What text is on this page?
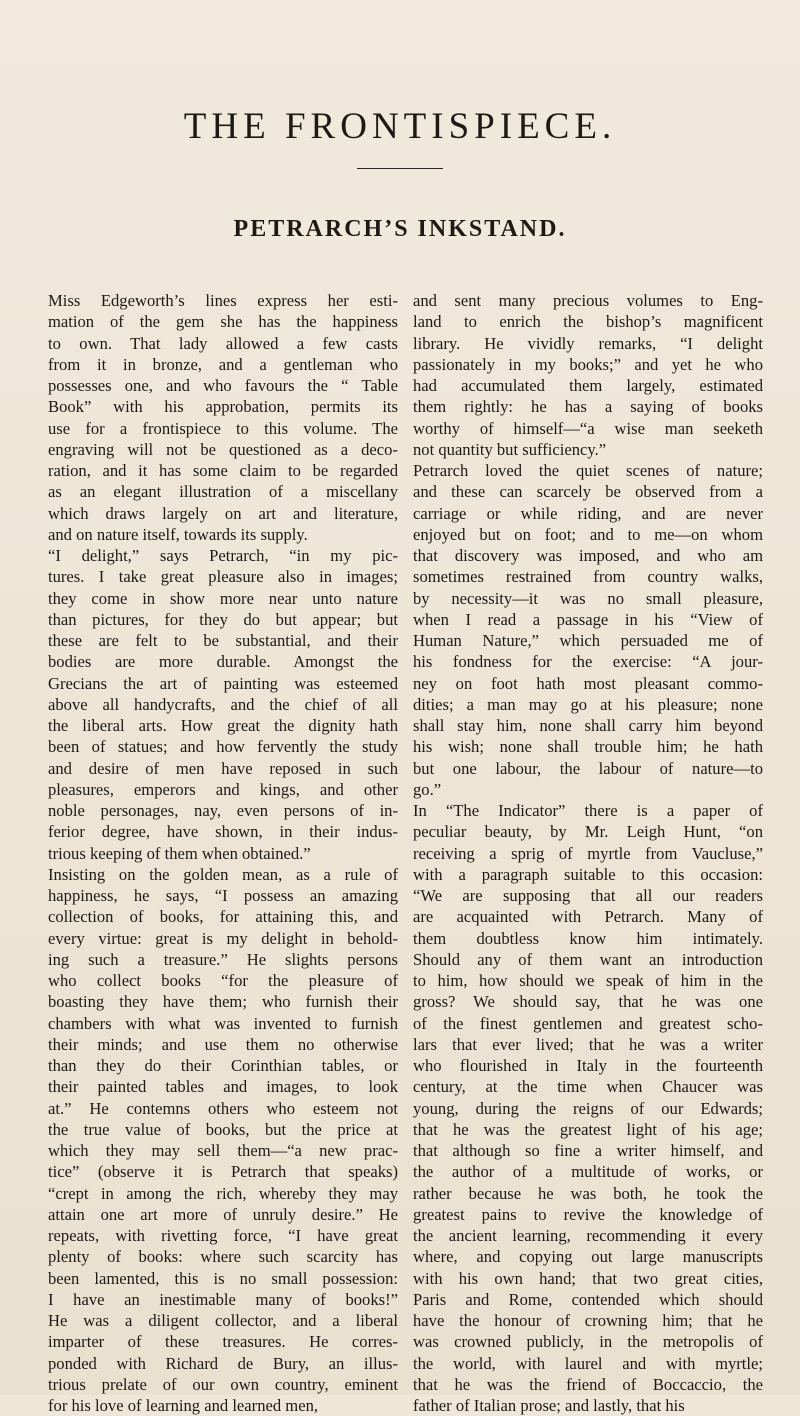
THE FRONTISPIECE.
PETRARCH’S INKSTAND.
Miss Edgeworth’s lines express her esti-
mation of the gem she has the happiness
to own. That lady allowed a few casts
from it in bronze, and a gentleman who
possesses one, and who favours the “ Table
Book” with his approbation, permits its
use for a frontispiece to this volume. The
engraving will not be questioned as a deco-
ration, and it has some claim to be regarded
as an elegant illustration of a miscellany
which draws largely on art and literature,
and on nature itself, towards its supply.
“I delight,” says Petrarch, “in my pic-
tures. I take great pleasure also in images;
they come in show more near unto nature
than pictures, for they do but appear; but
these are felt to be substantial, and their
bodies are more durable. Amongst the
Grecians the art of painting was esteemed
above all handycrafts, and the chief of all
the liberal arts. How great the dignity hath
been of statues; and how fervently the study
and desire of men have reposed in such
pleasures, emperors and kings, and other
noble personages, nay, even persons of in-
ferior degree, have shown, in their indus-
trious keeping of them when obtained.”
Insisting on the golden mean, as a rule of
happiness, he says, “I possess an amazing
collection of books, for attaining this, and
every virtue: great is my delight in behold-
ing such a treasure.” He slights persons
who collect books “for the pleasure of
boasting they have them; who furnish their
chambers with what was invented to furnish
their minds; and use them no otherwise
than they do their Corinthian tables, or
their painted tables and images, to look
at.” He contemns others who esteem not
the true value of books, but the price at
which they may sell them—“a new prac-
tice” (observe it is Petrarch that speaks)
“crept in among the rich, whereby they may
attain one art more of unruly desire.” He
repeats, with rivetting force, “I have great
plenty of books: where such scarcity has
been lamented, this is no small possession:
I have an inestimable many of books!”
He was a diligent collector, and a liberal
imparter of these treasures. He corres-
ponded with Richard de Bury, an illus-
trious prelate of our own country, eminent
for his love of learning and learned men,
and sent many precious volumes to Eng-
land to enrich the bishop’s magnificent
library. He vividly remarks, “I delight
passionately in my books;” and yet he who
had accumulated them largely, estimated
them rightly: he has a saying of books
worthy of himself—“a wise man seeketh
not quantity but sufficiency.”
Petrarch loved the quiet scenes of nature;
and these can scarcely be observed from a
carriage or while riding, and are never
enjoyed but on foot; and to me—on whom
that discovery was imposed, and who am
sometimes restrained from country walks,
by necessity—it was no small pleasure,
when I read a passage in his “View of
Human Nature,” which persuaded me of
his fondness for the exercise: “A jour-
ney on foot hath most pleasant commo-
dities; a man may go at his pleasure; none
shall stay him, none shall carry him beyond
his wish; none shall trouble him; he hath
but one labour, the labour of nature—to
go.”
In “The Indicator” there is a paper of
peculiar beauty, by Mr. Leigh Hunt, “on
receiving a sprig of myrtle from Vaucluse,”
with a paragraph suitable to this occasion:
“We are supposing that all our readers
are acquainted with Petrarch. Many of
them doubtless know him intimately.
Should any of them want an introduction
to him, how should we speak of him in the
gross? We should say, that he was one
of the finest gentlemen and greatest scho-
lars that ever lived; that he was a writer
who flourished in Italy in the fourteenth
century, at the time when Chaucer was
young, during the reigns of our Edwards;
that he was the greatest light of his age;
that although so fine a writer himself, and
the author of a multitude of works, or
rather because he was both, he took the
greatest pains to revive the knowledge of
the ancient learning, recommending it every
where, and copying out large manuscripts
with his own hand; that two great cities,
Paris and Rome, contended which should
have the honour of crowning him; that he
was crowned publicly, in the metropolis of
the world, with laurel and with myrtle;
that he was the friend of Boccaccio, the
father of Italian prose; and lastly, that his
